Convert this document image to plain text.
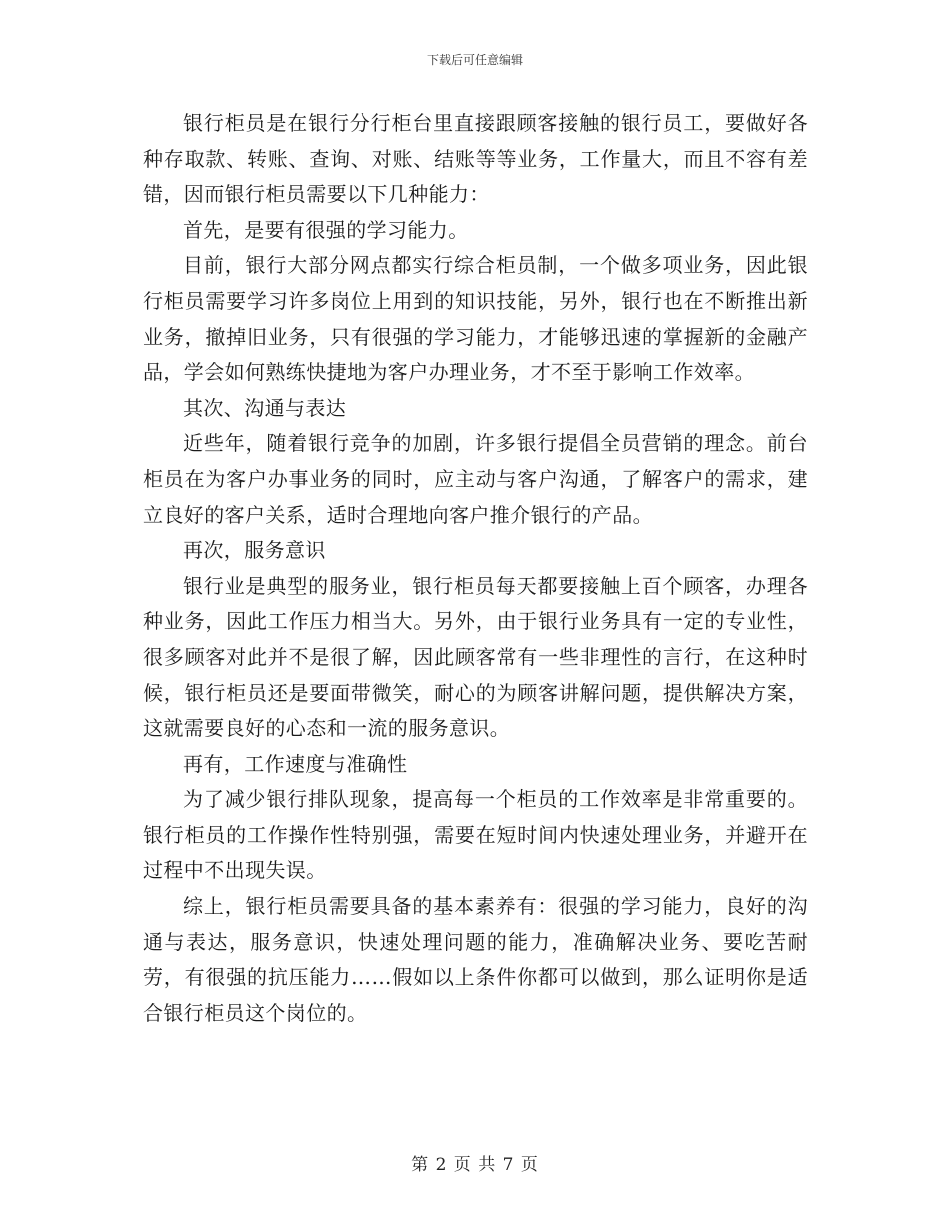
下载后可任意编辑

银行柜员是在银行分行柜台里直接跟顾客接触的银行员工，要做好各种存取款、转账、查询、对账、结账等等业务，工作量大，而且不容有差错，因而银行柜员需要以下几种能力：

首先，是要有很强的学习能力。

目前，银行大部分网点都实行综合柜员制，一个做多项业务，因此银行柜员需要学习许多岗位上用到的知识技能，另外，银行也在不断推出新业务，撤掉旧业务，只有很强的学习能力，才能够迅速的掌握新的金融产品，学会如何熟练快捷地为客户办理业务，才不至于影响工作效率。

其次、沟通与表达

近些年，随着银行竞争的加剧，许多银行提倡全员营销的理念。前台柜员在为客户办事业务的同时，应主动与客户沟通，了解客户的需求，建立良好的客户关系，适时合理地向客户推介银行的产品。

再次，服务意识

银行业是典型的服务业，银行柜员每天都要接触上百个顾客，办理各种业务，因此工作压力相当大。另外，由于银行业务具有一定的专业性，很多顾客对此并不是很了解，因此顾客常有一些非理性的言行，在这种时候，银行柜员还是要面带微笑，耐心的为顾客讲解问题，提供解决方案，这就需要良好的心态和一流的服务意识。

再有，工作速度与准确性

为了减少银行排队现象，提高每一个柜员的工作效率是非常重要的。银行柜员的工作操作性特别强，需要在短时间内快速处理业务，并避开在过程中不出现失误。

综上，银行柜员需要具备的基本素养有：很强的学习能力，良好的沟通与表达，服务意识，快速处理问题的能力，准确解决业务、要吃苦耐劳，有很强的抗压能力……假如以上条件你都可以做到，那么证明你是适合银行柜员这个岗位的。

第 2 页 共 7 页
